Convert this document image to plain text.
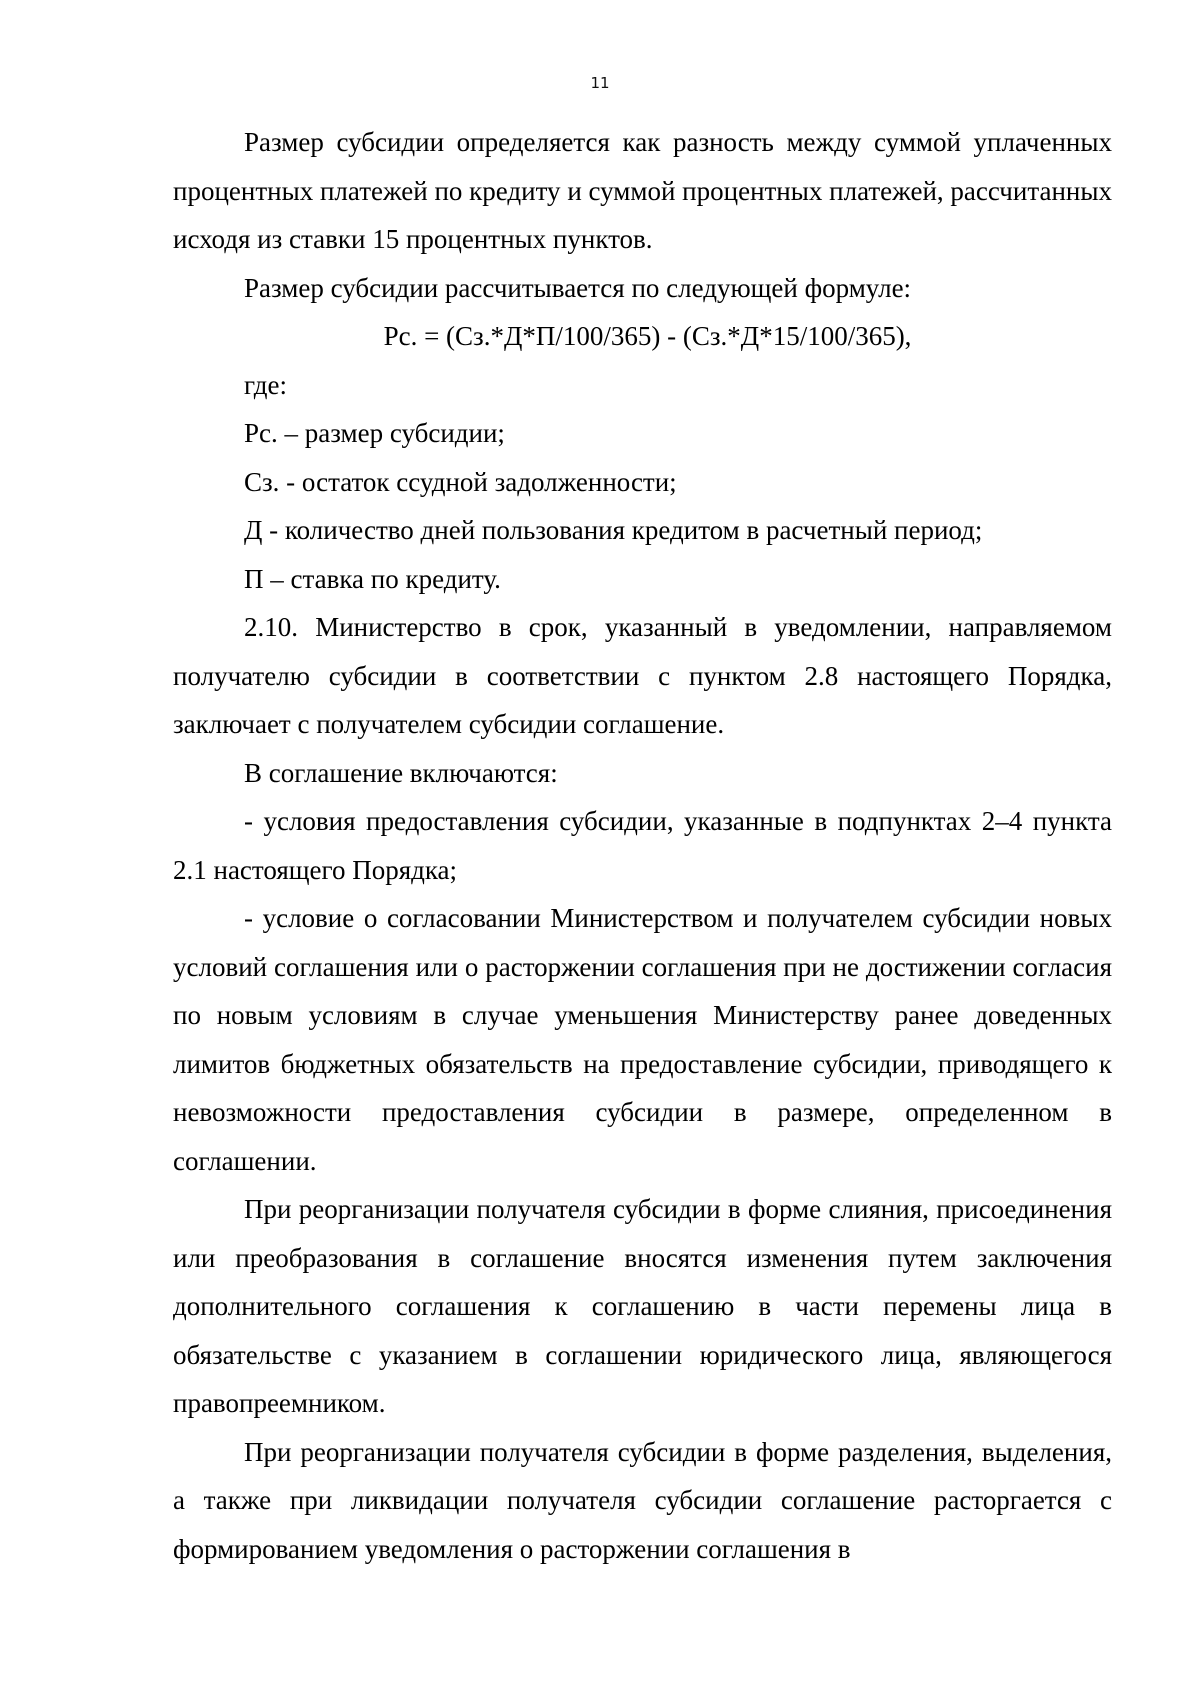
11

Размер субсидии определяется как разность между суммой уплаченных процентных платежей по кредиту и суммой процентных платежей, рассчитанных исходя из ставки 15 процентных пунктов.

Размер субсидии рассчитывается по следующей формуле:

Рс. = (Сз.*Д*П/100/365) - (Сз.*Д*15/100/365),

где:

Рс. – размер субсидии;

Сз. - остаток ссудной задолженности;

Д - количество дней пользования кредитом в расчетный период;

П – ставка по кредиту.

2.10. Министерство в срок, указанный в уведомлении, направляемом получателю субсидии в соответствии с пунктом 2.8 настоящего Порядка, заключает с получателем субсидии соглашение.

В соглашение включаются:

- условия предоставления субсидии, указанные в подпунктах 2–4 пункта 2.1 настоящего Порядка;

- условие о согласовании Министерством и получателем субсидии новых условий соглашения или о расторжении соглашения при не достижении согласия по новым условиям в случае уменьшения Министерству ранее доведенных лимитов бюджетных обязательств на предоставление субсидии, приводящего к невозможности предоставления субсидии в размере, определенном в соглашении.

При реорганизации получателя субсидии в форме слияния, присоединения или преобразования в соглашение вносятся изменения путем заключения дополнительного соглашения к соглашению в части перемены лица в обязательстве с указанием в соглашении юридического лица, являющегося правопреемником.

При реорганизации получателя субсидии в форме разделения, выделения, а также при ликвидации получателя субсидии соглашение расторгается с формированием уведомления о расторжении соглашения в
